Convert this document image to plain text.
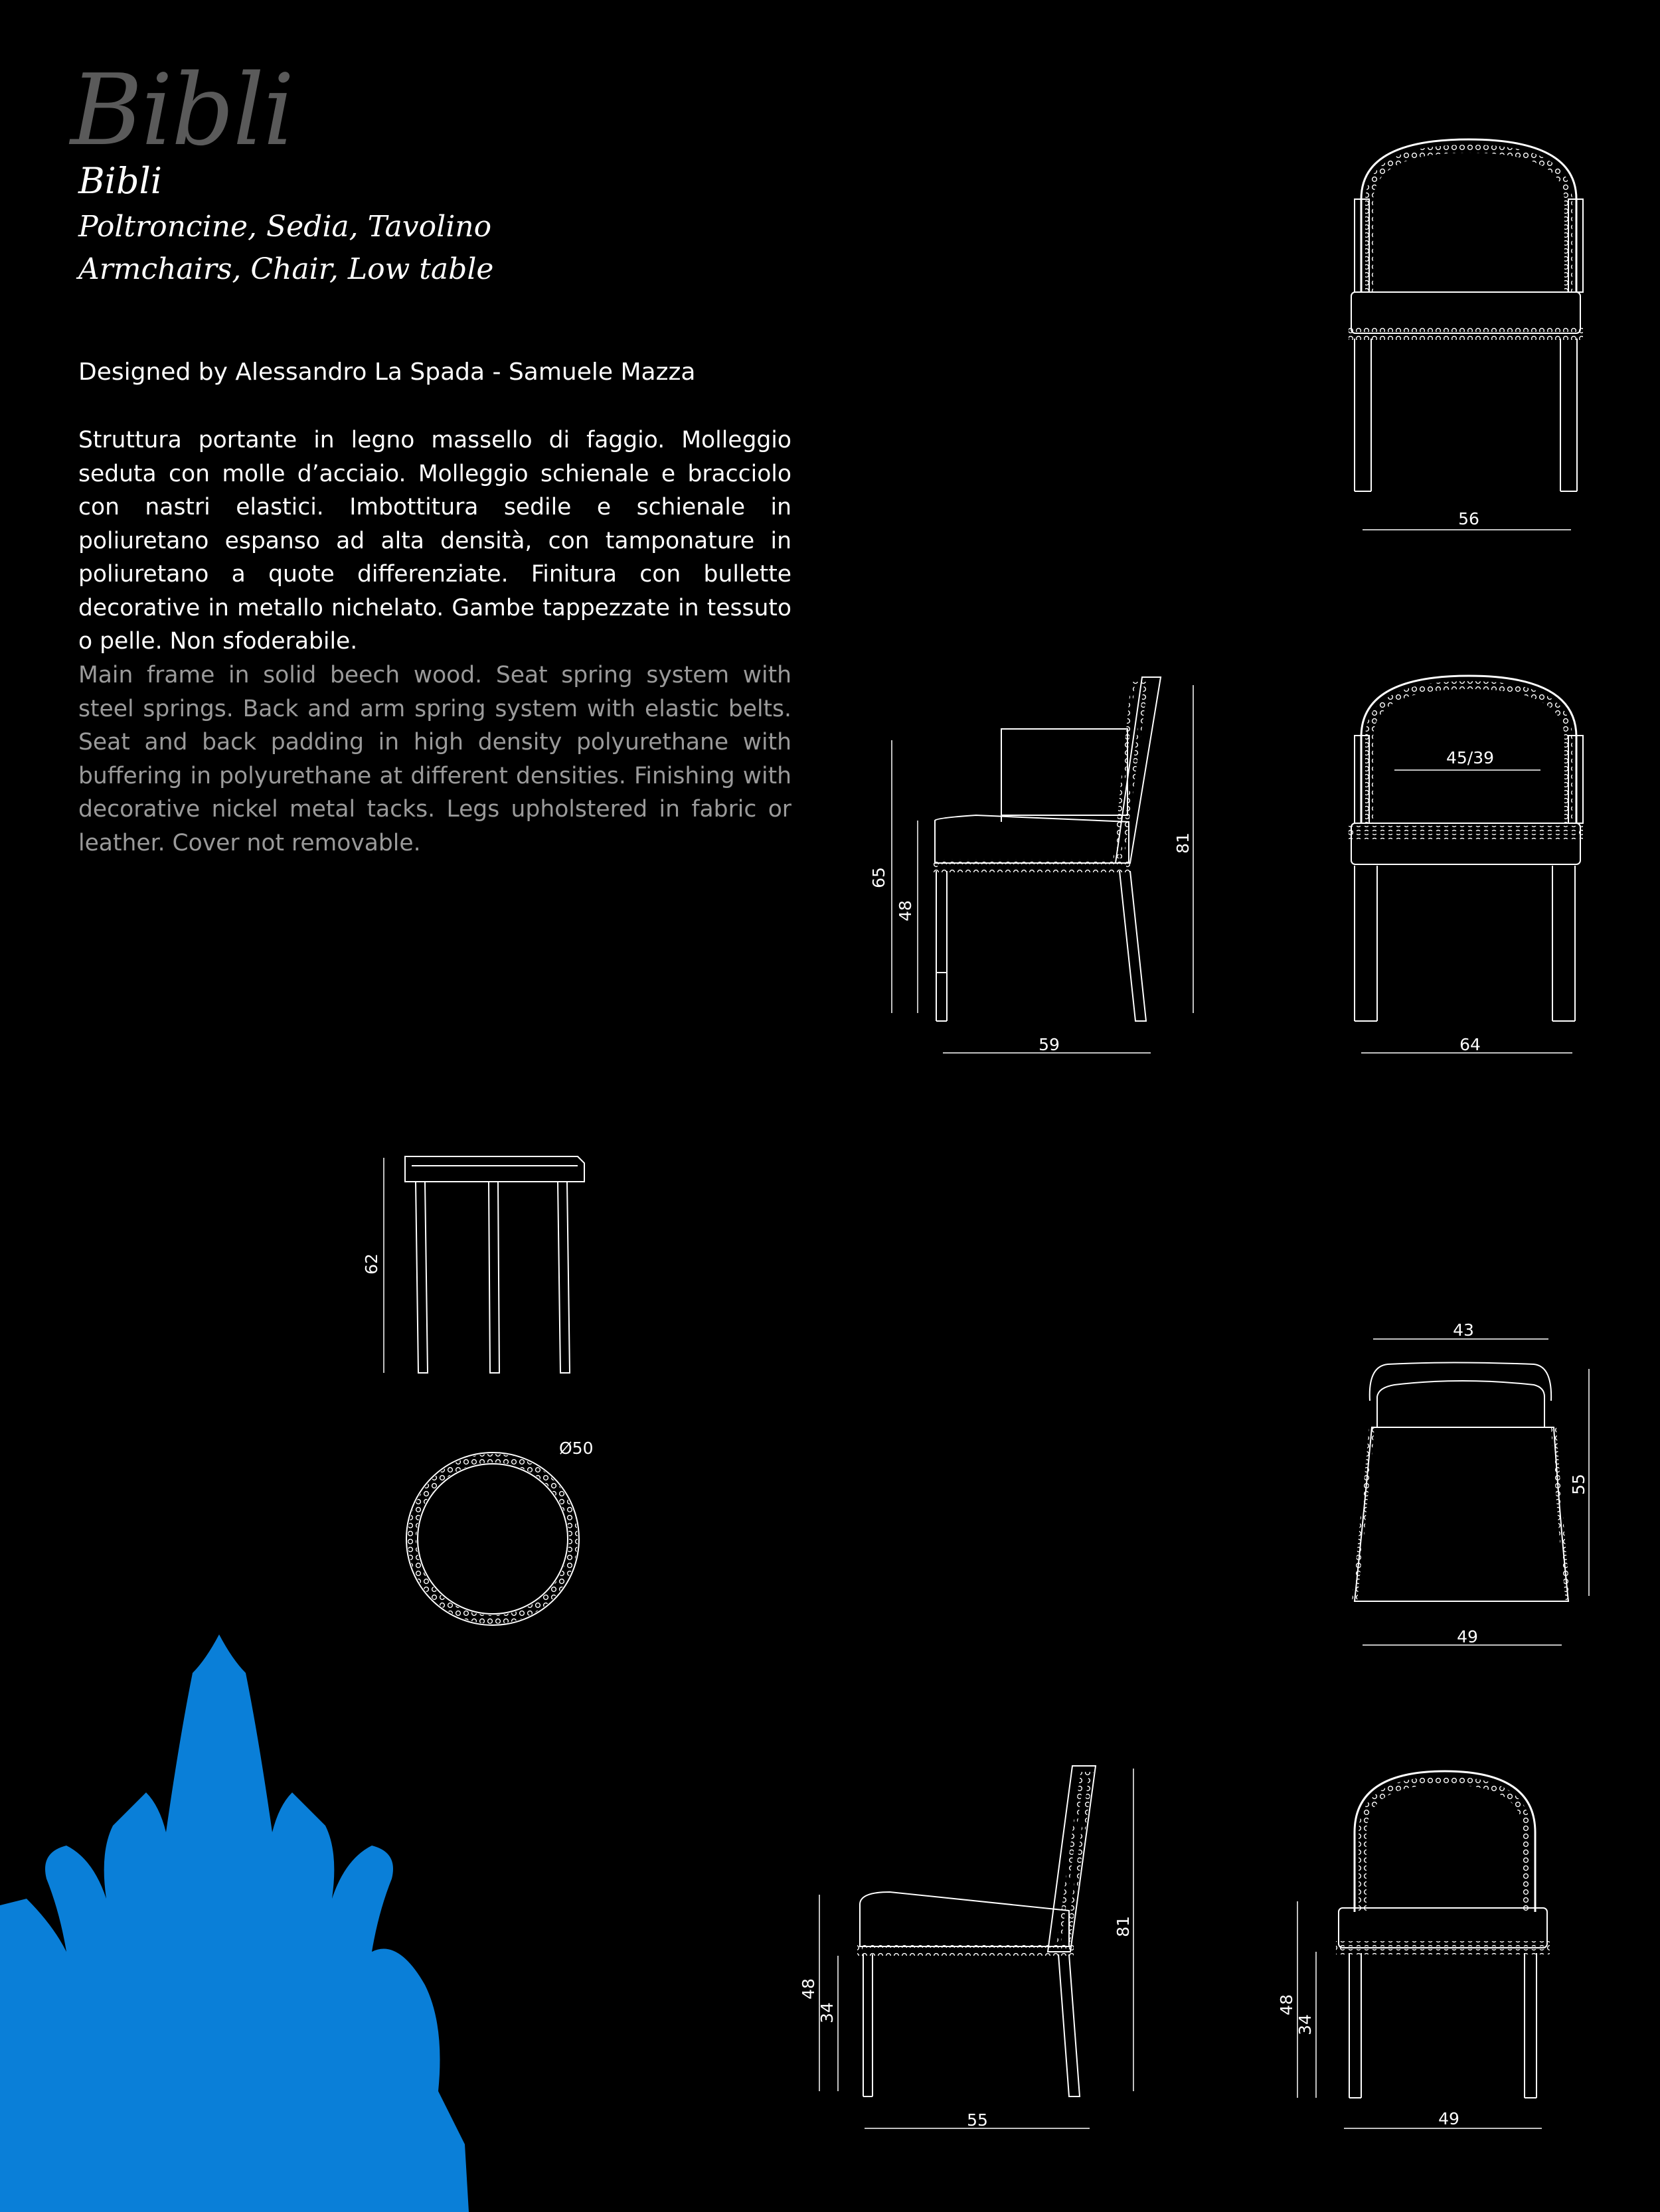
Bibli
Bibli
Poltroncine, Sedia, Tavolino
Armchairs, Chair, Low table
Designed by Alessandro La Spada - Samuele Mazza
Struttura portante in legno massello di faggio. Molleggio seduta con molle d’acciaio. Molleggio schienale e bracciolo con nastri elastici. Imbottitura sedile e schienale in poliuretano espanso ad alta densità, con tamponature in poliuretano a quote differenziate. Finitura con bullette decorative in metallo nichelato. Gambe tappezzate in tessuto o pelle. Non sfoderabile.
Main frame in solid beech wood. Seat spring system with steel springs. Back and arm spring system with elastic belts. Seat and back padding in high density polyurethane with buffering in polyurethane at different densities. Finishing with decorative nickel metal tacks. Legs upholstered in fabric or leather. Cover not removable.
56
65
48
81
59
45/39
64
62
Ø50
43
55
49
48
34
81
55
48
34
49
